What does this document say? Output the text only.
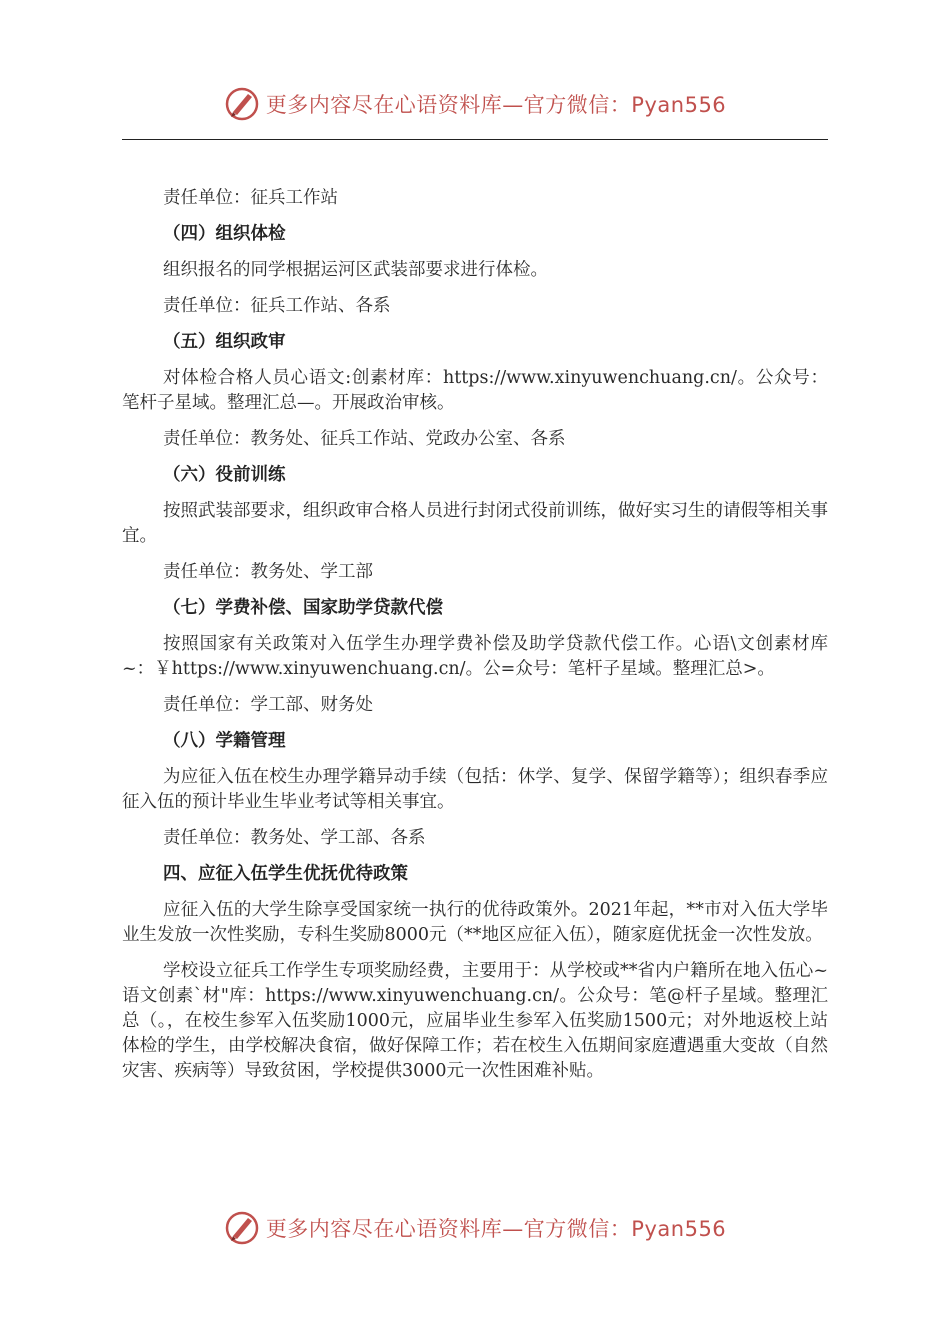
更多内容尽在心语资料库—官方微信：Pyan556

责任单位：征兵工作站

（四）组织体检

组织报名的同学根据运河区武装部要求进行体检。

责任单位：征兵工作站、各系

（五）组织政审

对体检合格人员心语文:创素材库：https://www.xinyuwenchuang.cn/。公众号：笔杆子星域。整理汇总—。开展政治审核。

责任单位：教务处、征兵工作站、党政办公室、各系

（六）役前训练

按照武装部要求，组织政审合格人员进行封闭式役前训练，做好实习生的请假等相关事宜。

责任单位：教务处、学工部

（七）学费补偿、国家助学贷款代偿

按照国家有关政策对入伍学生办理学费补偿及助学贷款代偿工作。心语\文创素材库~：￥https://www.xinyuwenchuang.cn/。公=众号：笔杆子星域。整理汇总>。

责任单位：学工部、财务处

（八）学籍管理

为应征入伍在校生办理学籍异动手续（包括：休学、复学、保留学籍等）；组织春季应征入伍的预计毕业生毕业考试等相关事宜。

责任单位：教务处、学工部、各系

四、应征入伍学生优抚优待政策

应征入伍的大学生除享受国家统一执行的优待政策外。2021年起，**市对入伍大学毕业生发放一次性奖励，专科生奖励8000元（**地区应征入伍），随家庭优抚金一次性发放。

学校设立征兵工作学生专项奖励经费，主要用于：从学校或**省内户籍所在地入伍心~语文创素`材"库：https://www.xinyuwenchuang.cn/。公众号：笔@杆子星域。整理汇总（。，在校生参军入伍奖励1000元，应届毕业生参军入伍奖励1500元；对外地返校上站体检的学生，由学校解决食宿，做好保障工作；若在校生入伍期间家庭遭遇重大变故（自然灾害、疾病等）导致贫困，学校提供3000元一次性困难补贴。

更多内容尽在心语资料库—官方微信：Pyan556
